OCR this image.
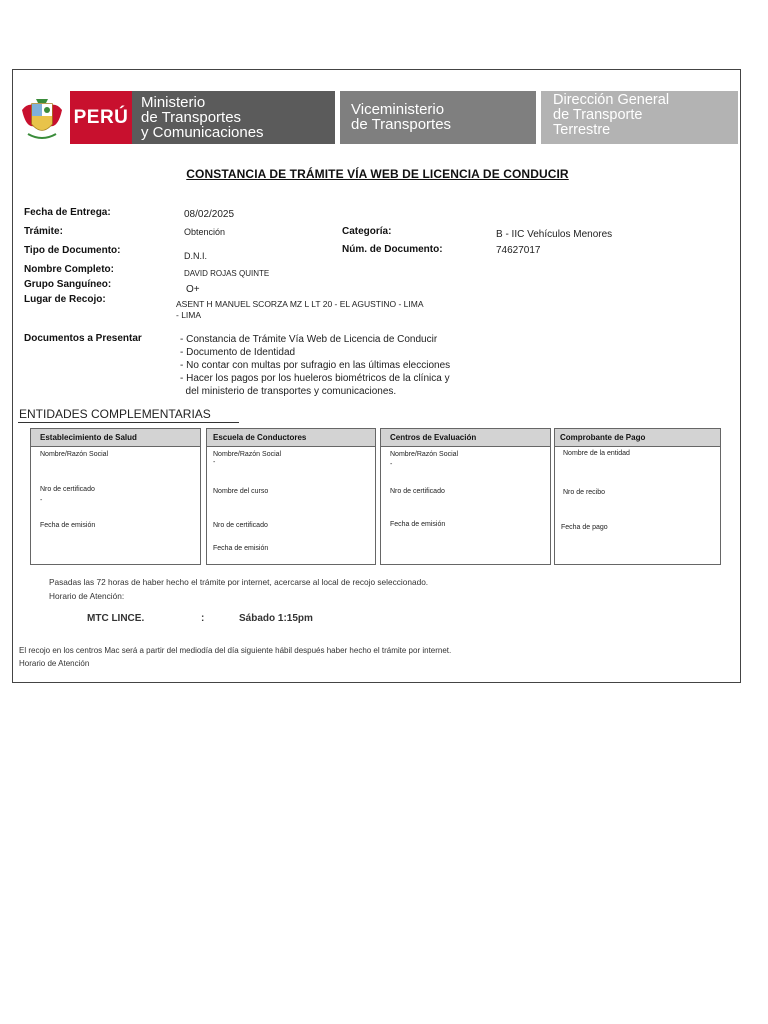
PERÚ
Ministerio
de Transportes
y Comunicaciones
Viceministerio
de Transportes
Dirección General
de Transporte
Terrestre
CONSTANCIA DE TRÁMITE VÍA WEB DE LICENCIA DE CONDUCIR
Fecha de Entrega:	08/02/2025
Trámite:	Obtención	Categoría:	B - IIC Vehículos Menores
Tipo de Documento:	D.N.I.
Núm. de Documento:	74627017
Nombre Completo:	DAVID ROJAS QUINTE
Grupo Sanguíneo:	O+
Lugar de Recojo:	ASENT H MANUEL SCORZA MZ L LT 20 - EL AGUSTINO - LIMA
- LIMA
Documentos a Presentar	- Constancia de Trámite Vía Web de Licencia de Conducir
- Documento de Identidad
- No contar con multas por sufragio en las últimas elecciones
- Hacer los pagos por los hueleros biométricos de la clínica y
del ministerio de transportes y comunicaciones.
ENTIDADES COMPLEMENTARIAS
Establecimiento de Salud
Nombre/Razón Social
Nro de certificado
-
Fecha de emisión
Escuela de Conductores
Nombre/Razón Social
-
Nombre del curso
Nro de certificado
Fecha de emisión
Centros de Evaluación
Nombre/Razón Social
-
Nro de certificado
Fecha de emisión
Comprobante de Pago
Nombre de la entidad
Nro de recibo
Fecha de pago
Pasadas las 72 horas de haber hecho el trámite por internet, acercarse al local de recojo seleccionado.
Horario de Atención:
MTC LINCE.	:	Sábado 1:15pm
El recojo en los centros Mac será a partir del mediodía del día siguiente hábil después haber hecho el trámite por internet.
Horario de Atención
